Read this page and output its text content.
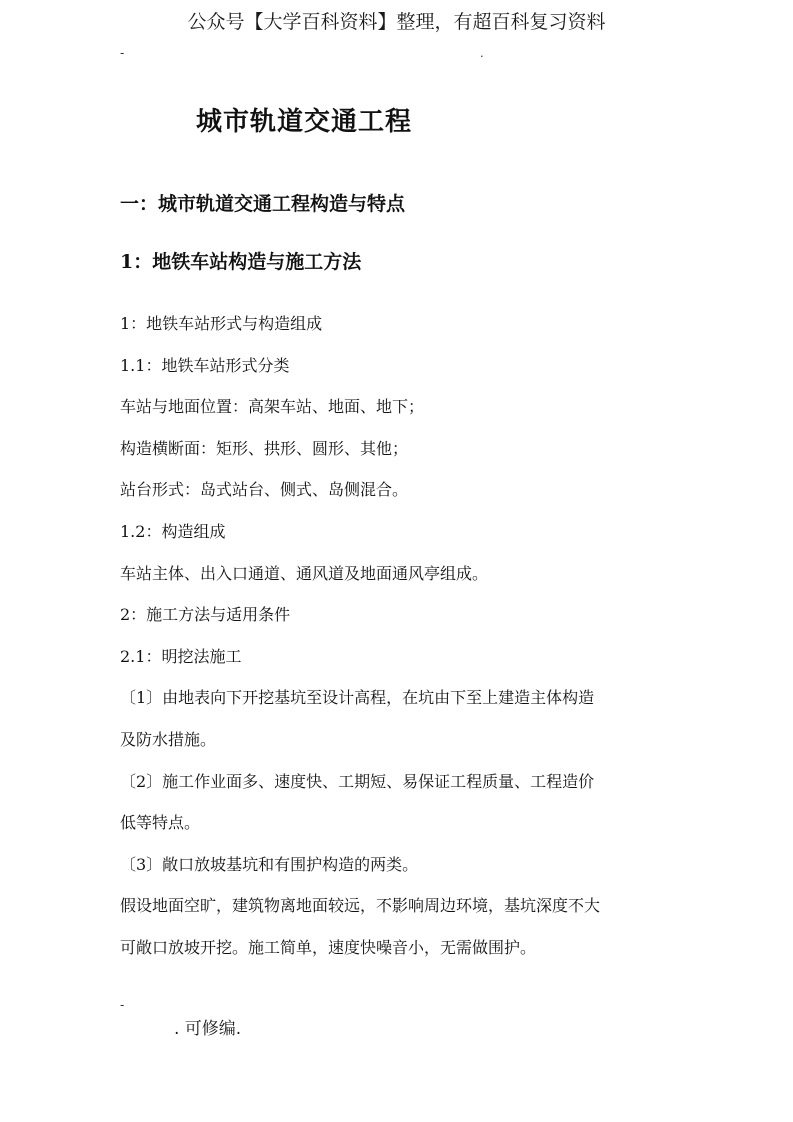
公众号【大学百科资料】整理，有超百科复习资料
-	.
城市轨道交通工程
一：城市轨道交通工程构造与特点
1：地铁车站构造与施工方法
1：地铁车站形式与构造组成
1.1：地铁车站形式分类
车站与地面位置：高架车站、地面、地下；
构造横断面：矩形、拱形、圆形、其他；
站台形式：岛式站台、侧式、岛侧混合。
1.2：构造组成
车站主体、出入口通道、通风道及地面通风亭组成。
2：施工方法与适用条件
2.1：明挖法施工
〔1〕由地表向下开挖基坑至设计高程，在坑由下至上建造主体构造
及防水措施。
〔2〕施工作业面多、速度快、工期短、易保证工程质量、工程造价
低等特点。
〔3〕敞口放坡基坑和有围护构造的两类。
假设地面空旷，建筑物离地面较远，不影响周边环境，基坑深度不大
可敞口放坡开挖。施工简单，速度快噪音小，无需做围护。
-
. 可修编.
